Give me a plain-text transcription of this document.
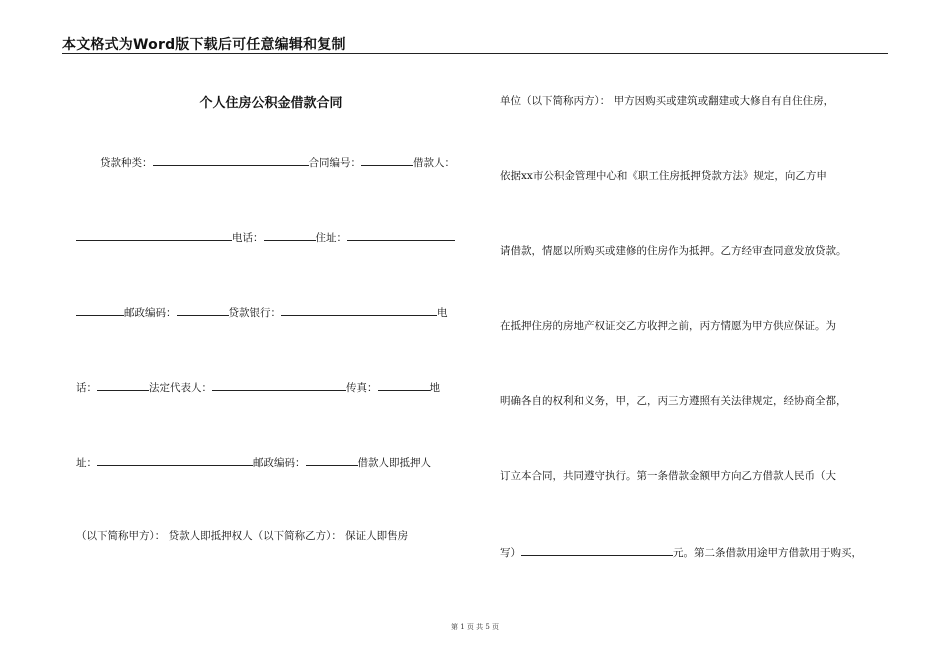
本文格式为Word版下载后可任意编辑和复制
个人住房公积金借款合同
贷款种类：	合同编号：	借款人：
电话：	住址：
邮政编码：	贷款银行：	电
话：	法定代表人：	传真：	地
址：	邮政编码：	借款人即抵押人
（以下简称甲方）： 贷款人即抵押权人（以下简称乙方）： 保证人即售房
单位（以下简称丙方）： 甲方因购买或建筑或翻建或大修自有自住住房，
依据xx市公积金管理中心和《职工住房抵押贷款方法》规定，向乙方申
请借款，情愿以所购买或建修的住房作为抵押。乙方经审查同意发放贷款。
在抵押住房的房地产权证交乙方收押之前，丙方情愿为甲方供应保证。为
明确各自的权利和义务，甲，乙，丙三方遵照有关法律规定，经协商全都，
订立本合同，共同遵守执行。第一条借款金额甲方向乙方借款人民币（大
写）	元。第二条借款用途甲方借款用于购买，
第 1 页 共 5 页
